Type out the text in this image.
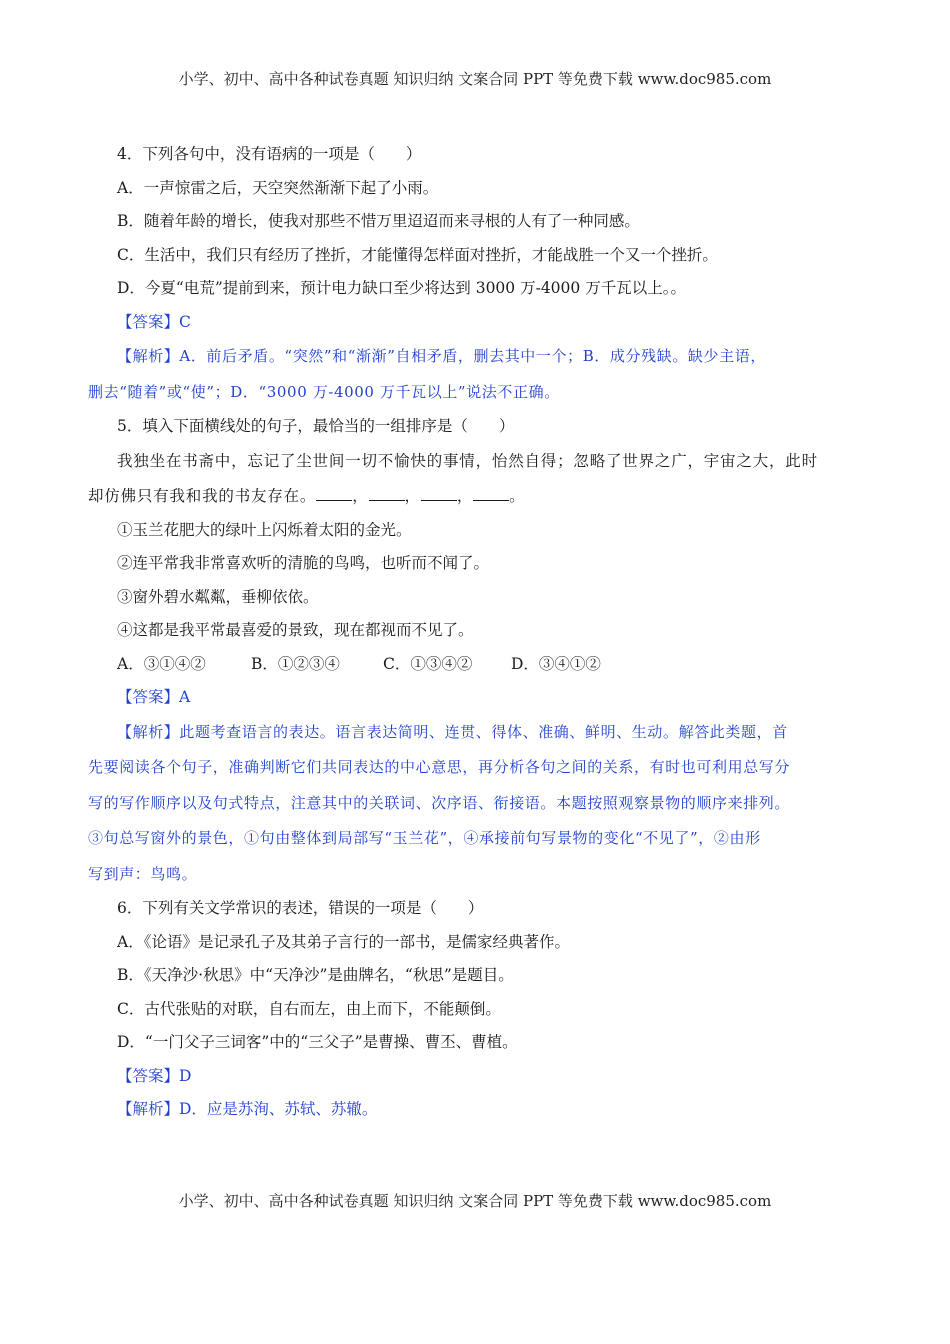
小学、初中、高中各种试卷真题 知识归纳 文案合同 PPT 等免费下载 www.doc985.com
4．下列各句中，没有语病的一项是（　　）
A．一声惊雷之后，天空突然渐渐下起了小雨。
B．随着年龄的增长，使我对那些不惜万里迢迢而来寻根的人有了一种同感。
C．生活中，我们只有经历了挫折，才能懂得怎样面对挫折，才能战胜一个又一个挫折。
D．今夏“电荒”提前到来，预计电力缺口至少将达到 3000 万-4000 万千瓦以上。。
【答案】C

【解析】A．前后矛盾。“突然”和“渐渐”自相矛盾，删去其中一个；B．成分残缺。缺少主语，

删去“随着”或“使”；D．“3000 万-4000 万千瓦以上”说法不正确。

5．填入下面横线处的句子，最恰当的一组排序是（　　）
我独坐在书斋中，忘记了尘世间一切不愉快的事情，怡然自得；忽略了世界之广，宇宙之大，此时
却仿佛只有我和我的书友存在。 ， ， ， 。
①玉兰花肥大的绿叶上闪烁着太阳的金光。
②连平常我非常喜欢听的清脆的鸟鸣，也听而不闻了。
③窗外碧水粼粼，垂柳依依。
④这都是我平常最喜爱的景致，现在都视而不见了。
A．③①④②	B．①②③④	C．①③④② D．③④①②
【答案】A

【解析】此题考查语言的表达。语言表达简明、连贯、得体、准确、鲜明、生动。解答此类题，首

先要阅读各个句子，准确判断它们共同表达的中心意思，再分析各句之间的关系，有时也可利用总写分

写的写作顺序以及句式特点，注意其中的关联词、次序语、衔接语。本题按照观察景物的顺序来排列。

③句总写窗外的景色，①句由整体到局部写“玉兰花”，④承接前句写景物的变化“不见了”，②由形

写到声：鸟鸣。

6．下列有关文学常识的表述，错误的一项是（　　）
A．《论语》是记录孔子及其弟子言行的一部书，是儒家经典著作。
B．《天净沙·秋思》中“天净沙”是曲牌名，“秋思”是题目。
C．古代张贴的对联，自右而左，由上而下，不能颠倒。
D．“一门父子三词客”中的“三父子”是曹操、曹丕、曹植。
【答案】D
【解析】D．应是苏洵、苏轼、苏辙。
小学、初中、高中各种试卷真题 知识归纳 文案合同 PPT 等免费下载 www.doc985.com
